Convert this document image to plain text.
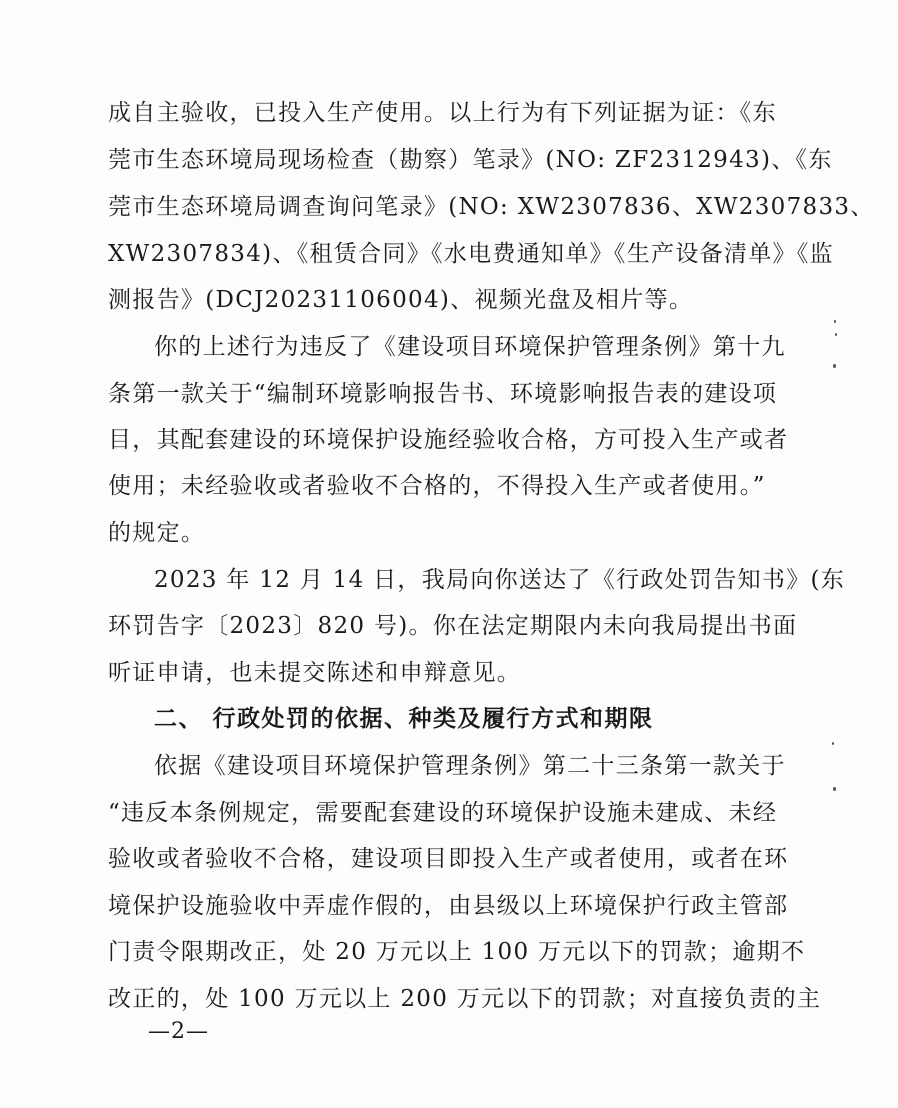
成自主验收，已投入生产使用。以上行为有下列证据为证：《东
莞市生态环境局现场检查（勘察）笔录》(NO: ZF2312943)、《东
莞市生态环境局调查询问笔录》(NO: XW2307836、XW2307833、
XW2307834)、《租赁合同》《水电费通知单》《生产设备清单》《监
测报告》(DCJ20231106004)、视频光盘及相片等。
你的上述行为违反了《建设项目环境保护管理条例》第十九
条第一款关于“编制环境影响报告书、环境影响报告表的建设项
目，其配套建设的环境保护设施经验收合格，方可投入生产或者
使用；未经验收或者验收不合格的，不得投入生产或者使用。”
的规定。
2023 年 12 月 14 日，我局向你送达了《行政处罚告知书》(东
环罚告字〔2023〕820 号)。你在法定期限内未向我局提出书面
听证申请，也未提交陈述和申辩意见。
二、 行政处罚的依据、种类及履行方式和期限
依据《建设项目环境保护管理条例》第二十三条第一款关于
“违反本条例规定，需要配套建设的环境保护设施未建成、未经
验收或者验收不合格，建设项目即投入生产或者使用，或者在环
境保护设施验收中弄虚作假的，由县级以上环境保护行政主管部
门责令限期改正，处 20 万元以上 100 万元以下的罚款；逾期不
改正的，处 100 万元以上 200 万元以下的罚款；对直接负责的主
—2—
